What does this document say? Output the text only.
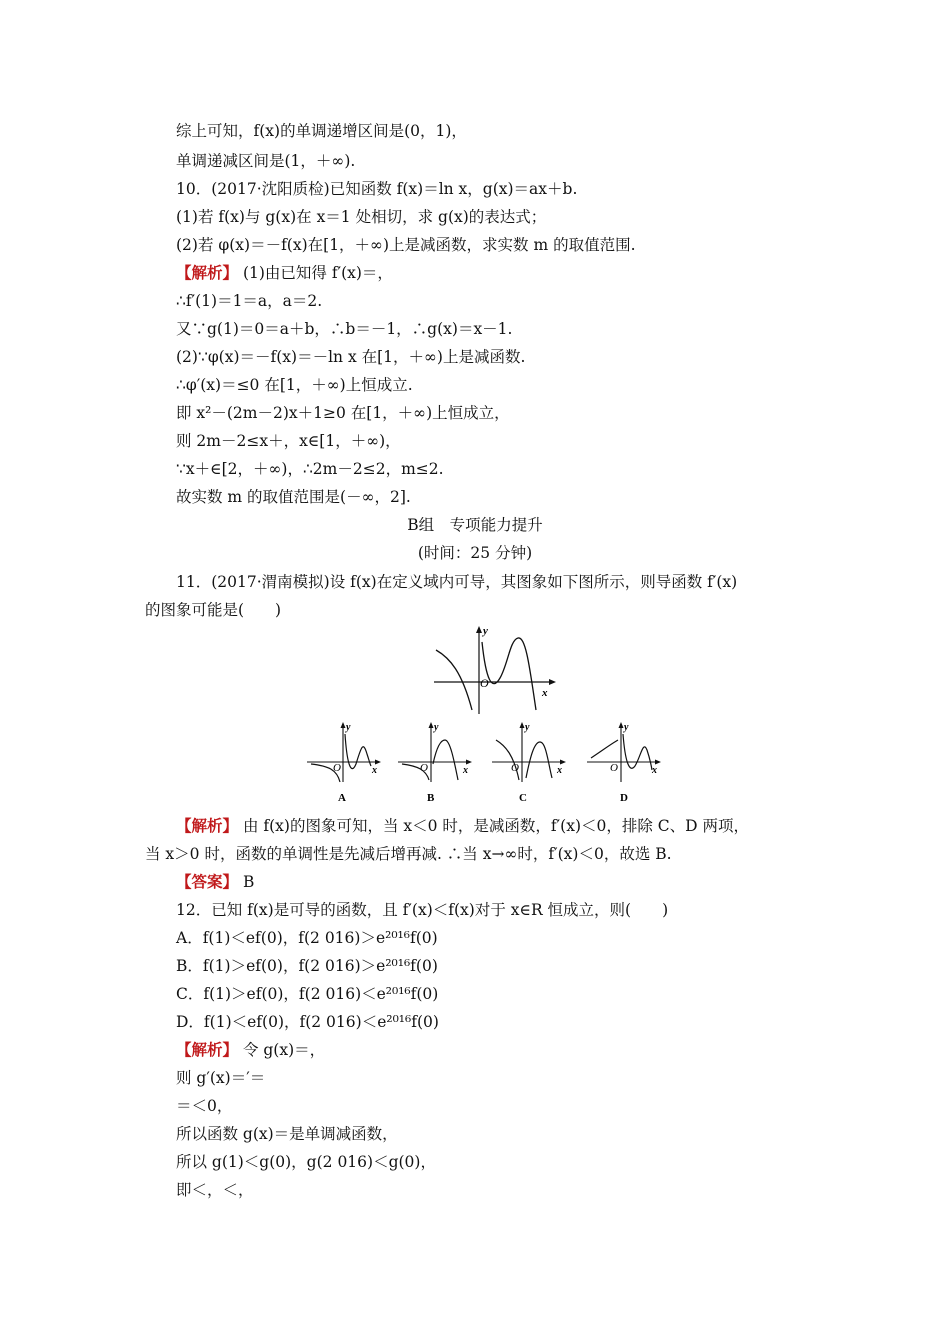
综上可知，f(x)的单调递增区间是(0，1)，
单调递减区间是(1，＋∞).
10．(2017·沈阳质检)已知函数 f(x)＝ln x，g(x)＝ax＋b.
(1)若 f(x)与 g(x)在 x＝1 处相切，求 g(x)的表达式；
(2)若 φ(x)＝－f(x)在[1，＋∞)上是减函数，求实数 m 的取值范围.
【解析】 (1)由已知得 f′(x)＝，
∴f′(1)＝1＝a，a＝2.
又∵g(1)＝0＝a＋b，∴b＝－1，∴g(x)＝x－1.
(2)∵φ(x)＝－f(x)＝－ln x 在[1，＋∞)上是减函数.
∴φ′(x)＝≤0 在[1，＋∞)上恒成立.
即 x²－(2m－2)x＋1≥0 在[1，＋∞)上恒成立，
则 2m－2≤x＋，x∈[1，＋∞)，
∵x＋∈[2，＋∞)，∴2m－2≤2，m≤2.
故实数 m 的取值范围是(－∞，2].
B组　专项能力提升
(时间：25 分钟)
11．(2017·渭南模拟)设 f(x)在定义域内可导，其图象如下图所示，则导函数 f′(x)
的图象可能是(　　)
y
x
O
y
x
O
A
y
x
O
B
y
x
O
C
y
x
O
D
【解析】 由 f(x)的图象可知，当 x＜0 时，是减函数，f′(x)＜0，排除 C、D 两项，
当 x＞0 时，函数的单调性是先减后增再减. ∴当 x→∞时，f′(x)＜0，故选 B.
【答案】 B
12．已知 f(x)是可导的函数，且 f′(x)＜f(x)对于 x∈R 恒成立，则(　　)
A．f(1)＜ef(0)，f(2 016)＞e²⁰¹⁶f(0)
B．f(1)＞ef(0)，f(2 016)＞e²⁰¹⁶f(0)
C．f(1)＞ef(0)，f(2 016)＜e²⁰¹⁶f(0)
D．f(1)＜ef(0)，f(2 016)＜e²⁰¹⁶f(0)
【解析】 令 g(x)＝，
则 g′(x)＝′＝
＝＜0，
所以函数 g(x)＝是单调减函数，
所以 g(1)＜g(0)，g(2 016)＜g(0)，
即＜，＜，
